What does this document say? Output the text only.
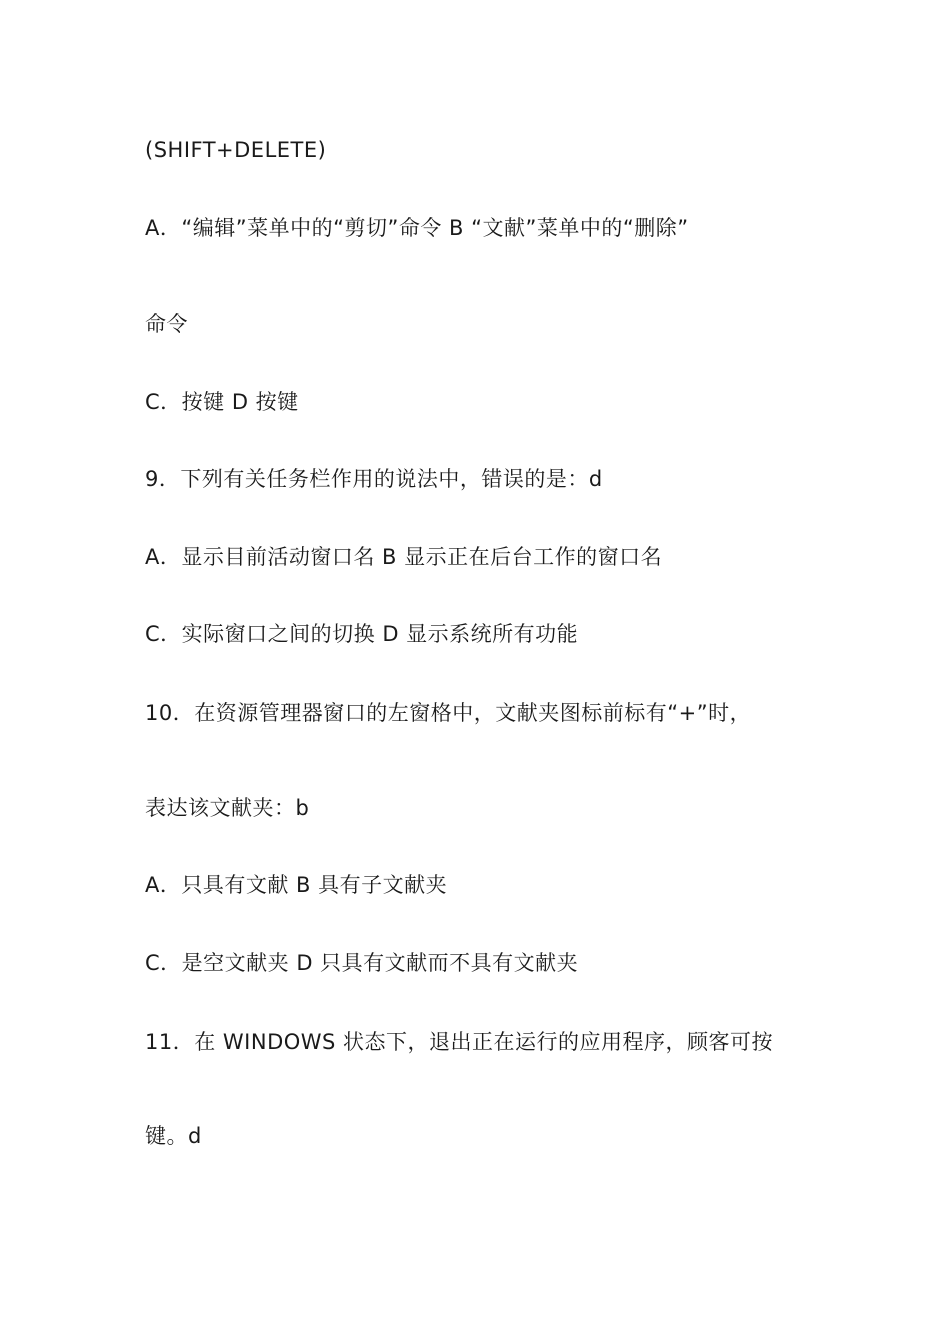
(SHIFT+DELETE)

A．“编辑”菜单中的“剪切”命令 B “文献”菜单中的“删除”

命令

C．按键 D 按键

9．下列有关任务栏作用的说法中，错误的是：d

A．显示目前活动窗口名 B 显示正在后台工作的窗口名

C．实际窗口之间的切换 D 显示系统所有功能

10．在资源管理器窗口的左窗格中，文献夹图标前标有“+”时，

表达该文献夹：b

A．只具有文献 B 具有子文献夹

C．是空文献夹 D 只具有文献而不具有文献夹

11．在 WINDOWS 状态下，退出正在运行的应用程序，顾客可按

键。d
